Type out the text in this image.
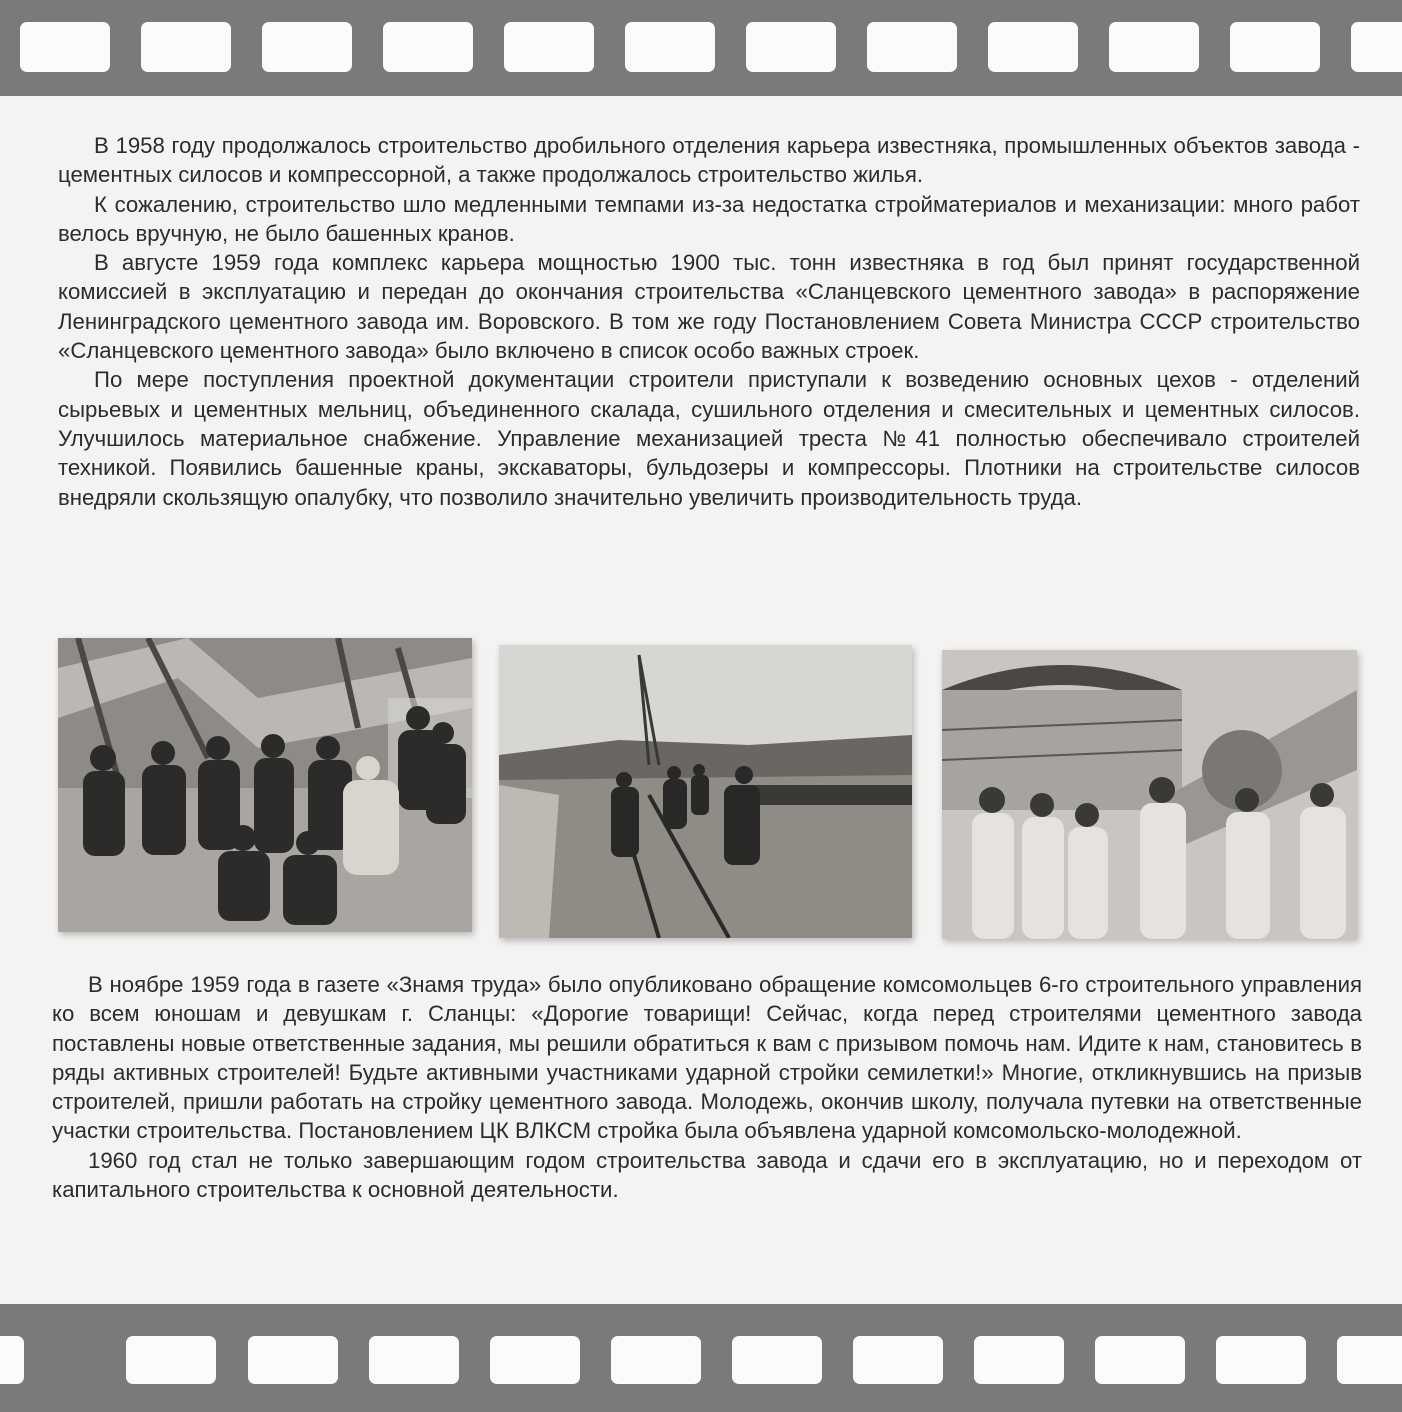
В 1958 году продолжалось строительство дробильного отделения карьера известняка, промышленных объектов завода - цементных силосов и компрессорной, а также продолжалось строительство жилья.

К сожалению, строительство шло медленными темпами из-за недостатка стройматериалов и механизации: много работ велось вручную, не было башенных кранов.

В августе 1959 года комплекс карьера мощностью 1900 тыс. тонн известняка в год был принят государственной комиссией в эксплуатацию и передан до окончания строительства «Сланцевского цементного завода» в распоряжение Ленинградского цементного завода им. Воровского. В том же году Постановлением Совета Министра СССР строительство «Сланцевского цементного завода» было включено в список особо важных строек.

По мере поступления проектной документации строители приступали к возведению основных цехов - отделений сырьевых и цементных мельниц, объединенного скалада, сушильного отделения и смесительных и цементных силосов. Улучшилось материальное снабжение. Управление механизацией треста №41 полностью обеспечивало строителей техникой. Появились башенные краны, экскаваторы, бульдозеры и компрессоры. Плотники на строительстве силосов внедряли скользящую опалубку, что позволило значительно увеличить производительность труда.

В ноябре 1959 года в газете «Знамя труда» было опубликовано обращение комсомольцев 6-го строительного управления ко всем юношам и девушкам г. Сланцы: «Дорогие товарищи! Сейчас, когда перед строителями цементного завода поставлены новые ответственные задания, мы решили обратиться к вам с призывом помочь нам. Идите к нам, становитесь в ряды активных строителей! Будьте активными участниками ударной стройки семилетки!» Многие, откликнувшись на призыв строителей, пришли работать на стройку цементного завода. Молодежь, окончив школу, получала путевки на ответственные участки строительства. Постановлением ЦК ВЛКСМ стройка была объявлена ударной комсомольско-молодежной.

1960 год стал не только завершающим годом строительства завода и сдачи его в эксплуатацию, но и переходом от капитального строительства к основной деятельности.
